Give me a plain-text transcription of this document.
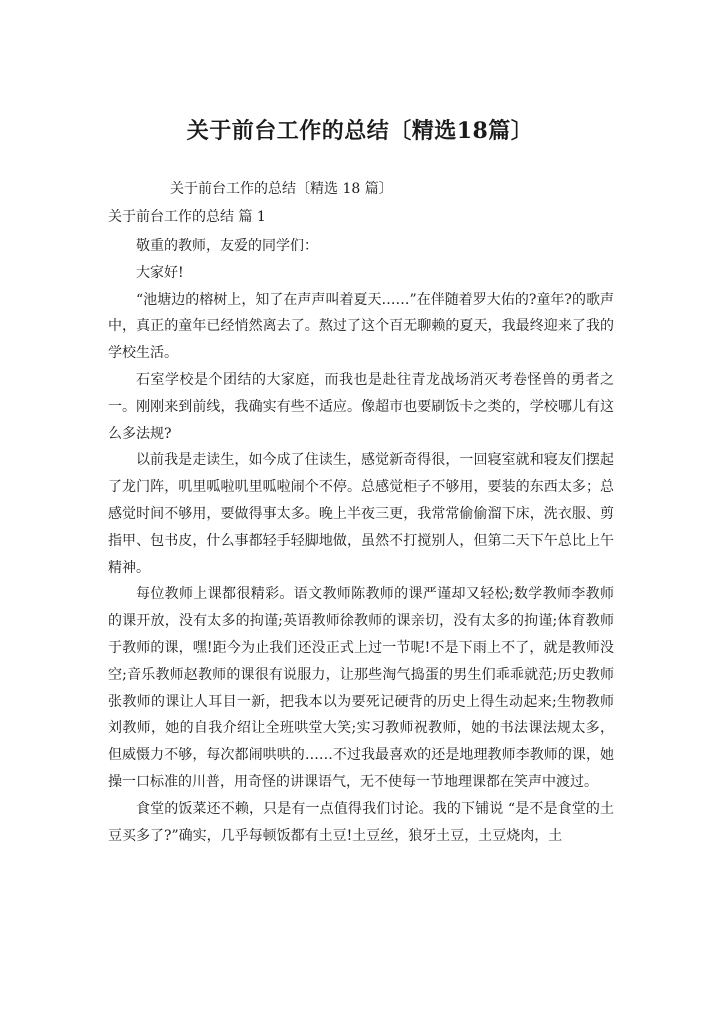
关于前台工作的总结〔精选18篇〕
关于前台工作的总结〔精选 18 篇〕
关于前台工作的总结 篇 1

敬重的教师，友爱的同学们：

大家好!

“池塘边的榕树上，知了在声声叫着夏天……”在伴随着罗大佑的?童年?的歌声中，真正的童年已经悄然离去了。熬过了这个百无聊赖的夏天，我最终迎来了我的学校生活。

石室学校是个团结的大家庭，而我也是赴往青龙战场消灭考卷怪兽的勇者之一。刚刚来到前线，我确实有些不适应。像超市也要刷饭卡之类的，学校哪儿有这么多法规?

以前我是走读生，如今成了住读生，感觉新奇得很，一回寝室就和寝友们摆起了龙门阵，叽里呱啦叽里呱啦闹个不停。总感觉柜子不够用，要装的东西太多；总感觉时间不够用，要做得事太多。晚上半夜三更，我常常偷偷溜下床，洗衣服、剪指甲、包书皮，什么事都轻手轻脚地做，虽然不打搅别人，但第二天下午总比上午精神。

每位教师上课都很精彩。语文教师陈教师的课严谨却又轻松;数学教师李教师的课开放，没有太多的拘谨;英语教师徐教师的课亲切，没有太多的拘谨;体育教师于教师的课，嘿!距今为止我们还没正式上过一节呢!不是下雨上不了，就是教师没空;音乐教师赵教师的课很有说服力，让那些淘气捣蛋的男生们乖乖就范;历史教师张教师的课让人耳目一新，把我本以为要死记硬背的历史上得生动起来;生物教师刘教师，她的自我介绍让全班哄堂大笑;实习教师祝教师，她的书法课法规太多，但威慑力不够，每次都闹哄哄的……不过我最喜欢的还是地理教师李教师的课，她操一口标准的川普，用奇怪的讲课语气，无不使每一节地理课都在笑声中渡过。

食堂的饭菜还不赖，只是有一点值得我们讨论。我的下铺说 “是不是食堂的土豆买多了?”确实，几乎每顿饭都有土豆!土豆丝，狼牙土豆，土豆烧肉，土
